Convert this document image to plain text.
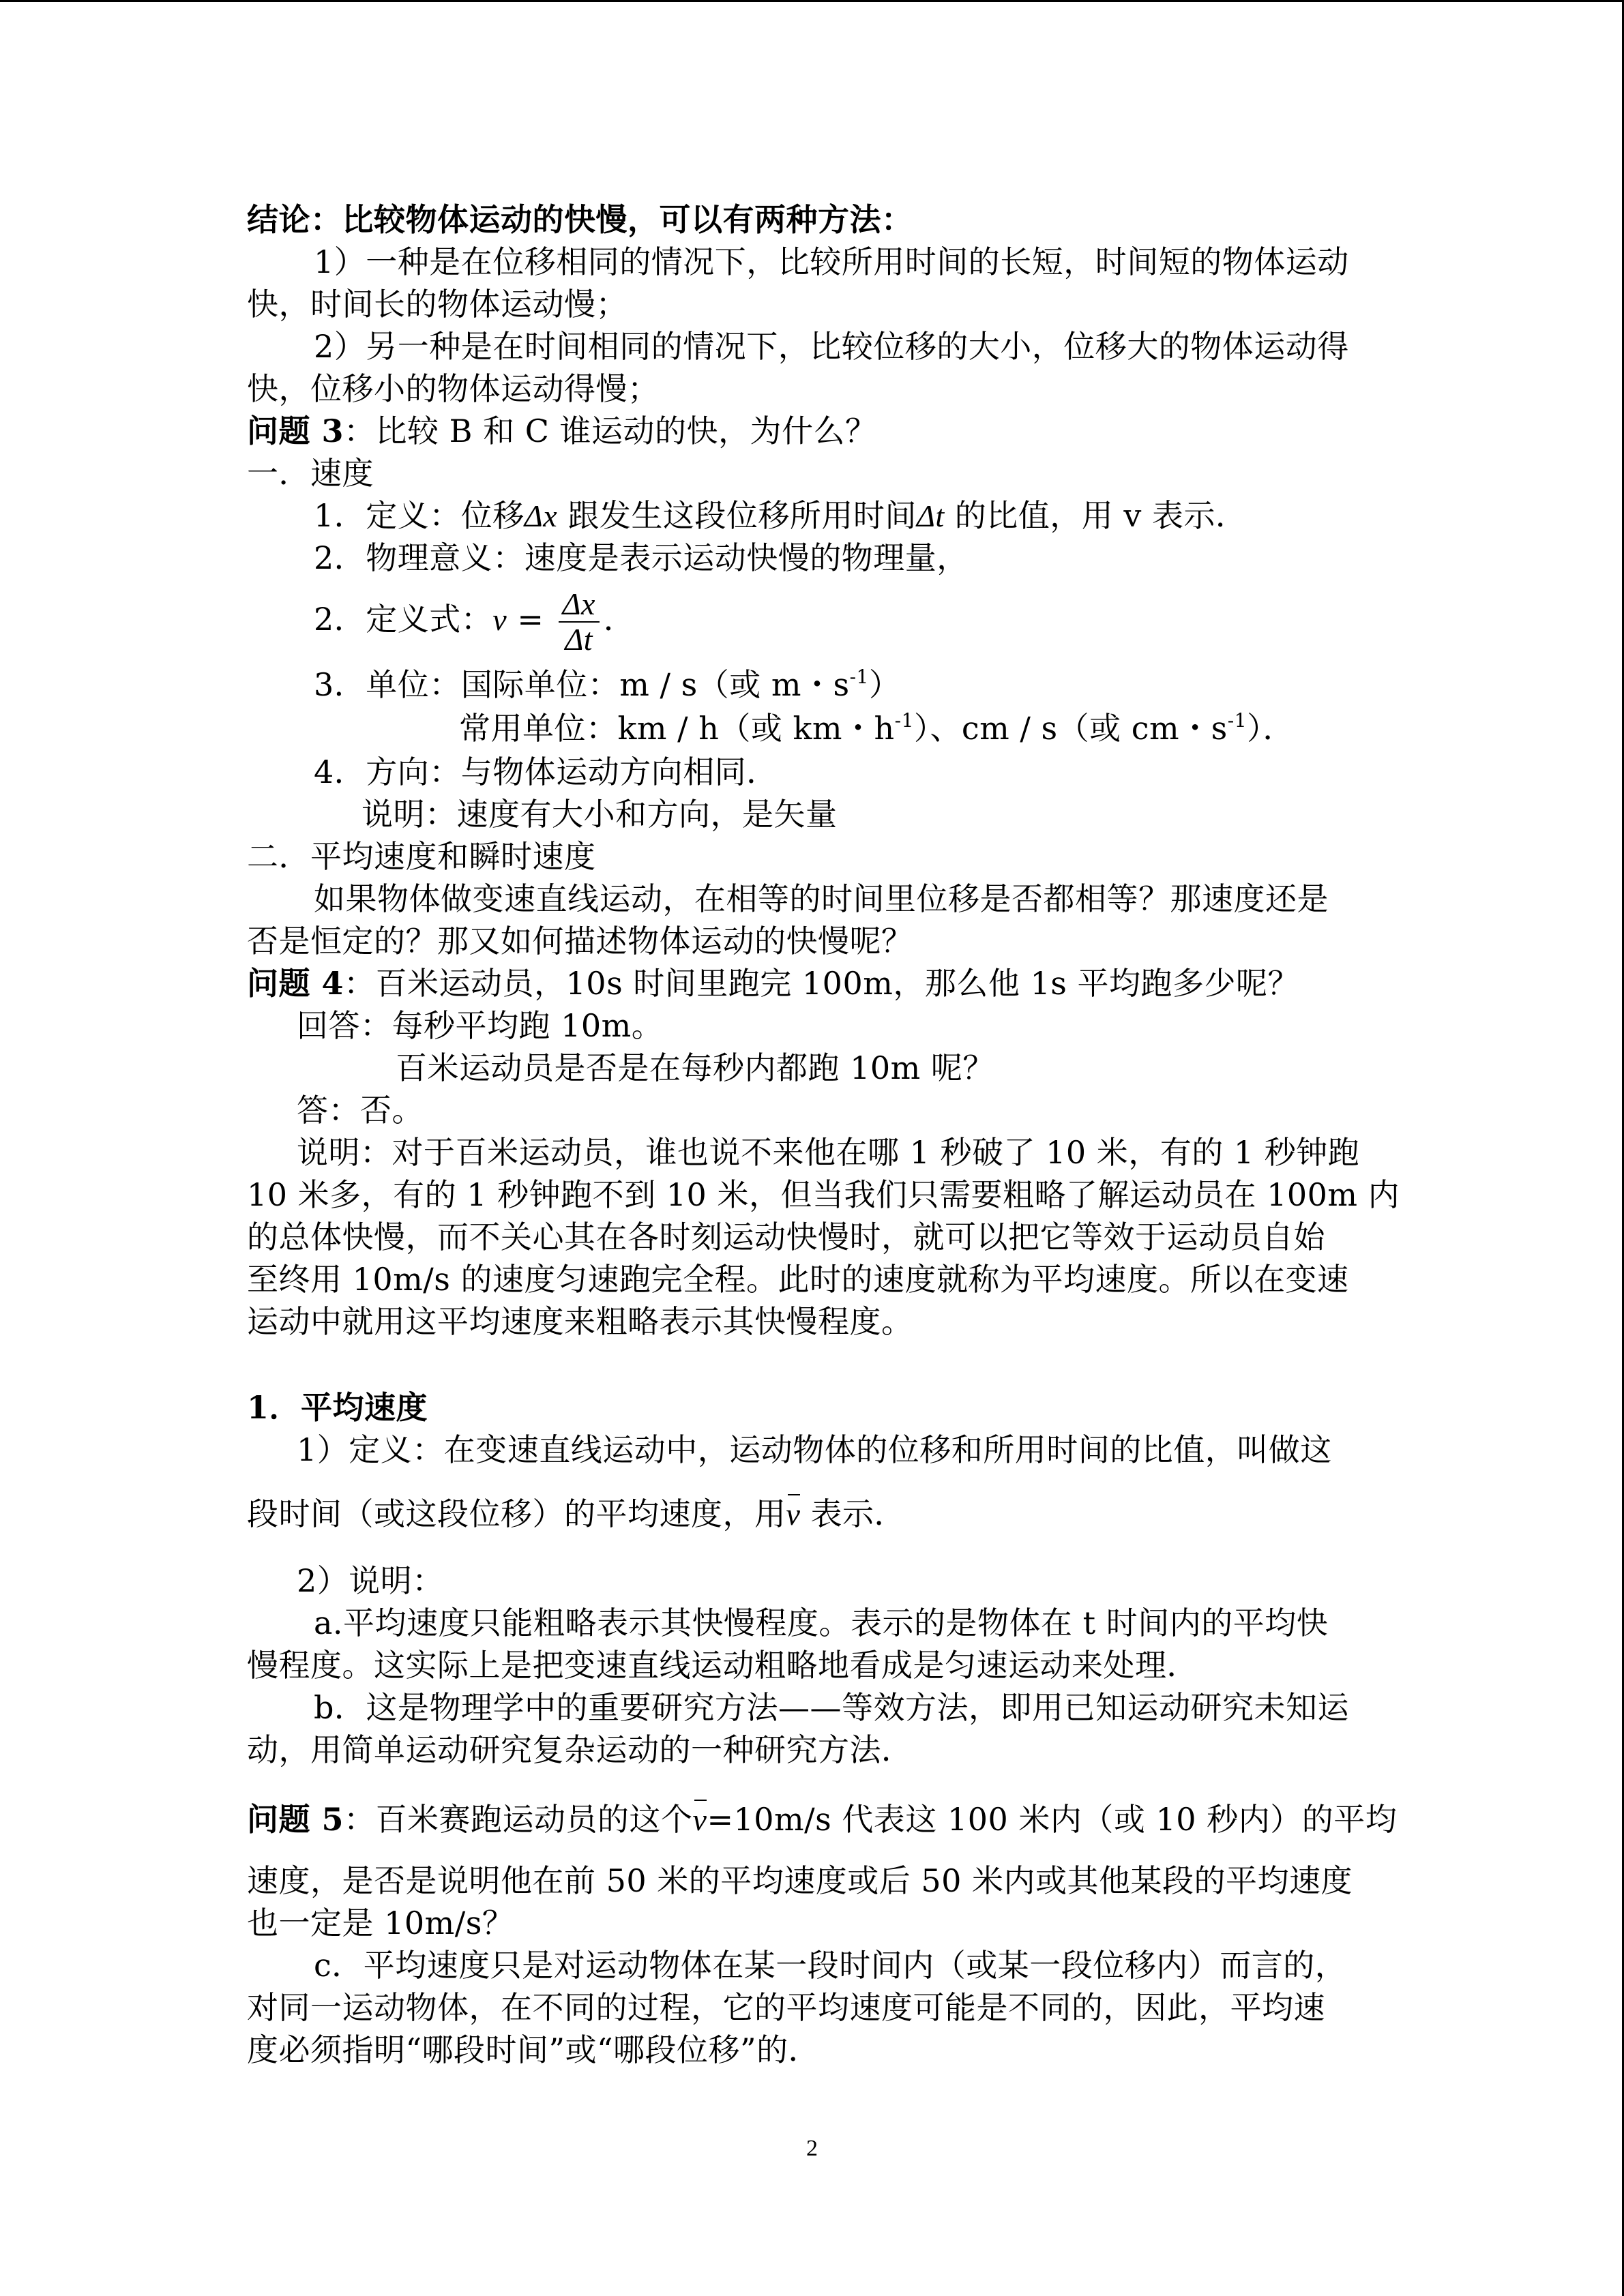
结论：比较物体运动的快慢，可以有两种方法：
1）一种是在位移相同的情况下，比较所用时间的长短，时间短的物体运动
快，时间长的物体运动慢；
2）另一种是在时间相同的情况下，比较位移的大小，位移大的物体运动得
快，位移小的物体运动得慢；
问题 3：比较 B 和 C 谁运动的快，为什么？
一．速度
1．定义：位移Δx 跟发生这段位移所用时间Δt 的比值，用 v 表示．
2．物理意义：速度是表示运动快慢的物理量，
2．定义式：$v = \frac{\Delta x}{\Delta t}$ ．
3．单位：国际单位：m / s（或 m・$s^{-1}$）
常用单位：km / h（或 km・$h^{-1}$）、cm / s（或 cm・$s^{-1}$）．
4．方向：与物体运动方向相同．
说明：速度有大小和方向，是矢量
二．平均速度和瞬时速度
如果物体做变速直线运动，在相等的时间里位移是否都相等？那速度还是
否是恒定的？那又如何描述物体运动的快慢呢？
问题 4：百米运动员，10s 时间里跑完 100m，那么他 1s 平均跑多少呢？
回答：每秒平均跑 10m。
百米运动员是否是在每秒内都跑 10m 呢？
答：否。
说明：对于百米运动员，谁也说不来他在哪 1 秒破了 10 米，有的 1 秒钟跑
10 米多，有的 1 秒钟跑不到 10 米，但当我们只需要粗略了解运动员在 100m 内
的总体快慢，而不关心其在各时刻运动快慢时，就可以把它等效于运动员自始
至终用 10m/s 的速度匀速跑完全程。此时的速度就称为平均速度。所以在变速
运动中就用这平均速度来粗略表示其快慢程度。
1．平均速度
1）定义：在变速直线运动中，运动物体的位移和所用时间的比值，叫做这
段时间（或这段位移）的平均速度，用v 表示．
2）说明：
a.平均速度只能粗略表示其快慢程度。表示的是物体在 t 时间内的平均快
慢程度。这实际上是把变速直线运动粗略地看成是匀速运动来处理．
b．这是物理学中的重要研究方法——等效方法，即用已知运动研究未知运
动，用简单运动研究复杂运动的一种研究方法．
问题 5：百米赛跑运动员的这个v=10m/s 代表这 100 米内（或 10 秒内）的平均
速度，是否是说明他在前 50 米的平均速度或后 50 米内或其他某段的平均速度
也一定是 10m/s？
c．平均速度只是对运动物体在某一段时间内（或某一段位移内）而言的，
对同一运动物体，在不同的过程，它的平均速度可能是不同的，因此，平均速
度必须指明“哪段时间”或“哪段位移”的．
2
